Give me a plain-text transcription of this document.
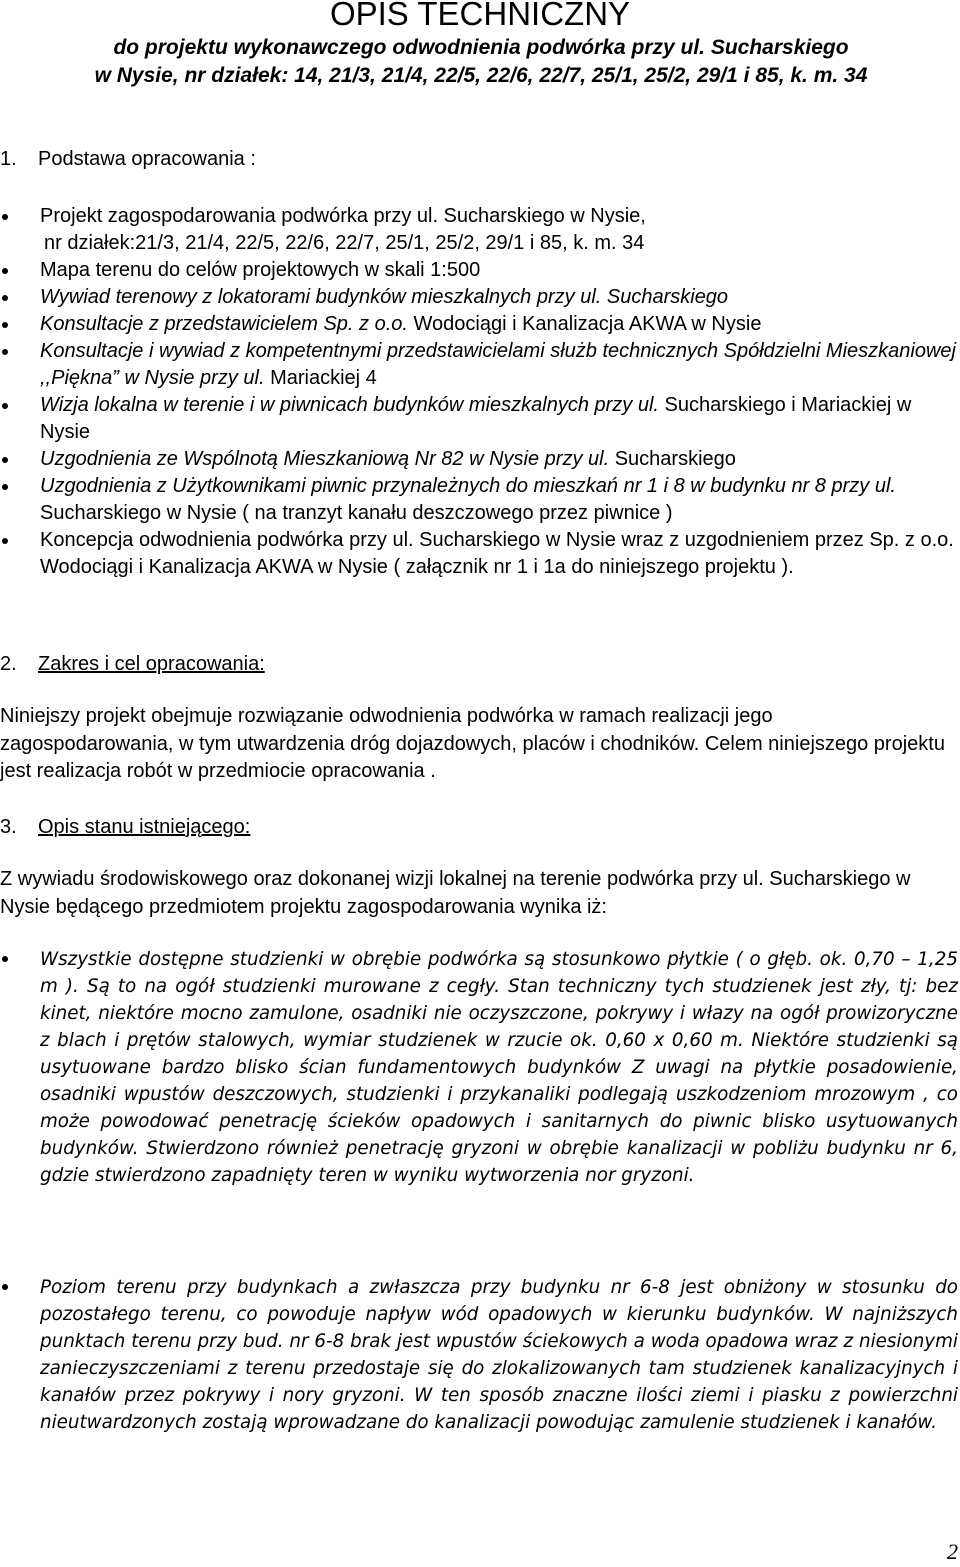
OPIS TECHNICZNY
do projektu wykonawczego odwodnienia podwórka przy ul. Sucharskiego
w Nysie, nr działek: 14, 21/3, 21/4, 22/5, 22/6, 22/7, 25/1, 25/2, 29/1 i 85, k. m. 34
1. Podstawa opracowania :
Projekt zagospodarowania podwórka przy ul. Sucharskiego w Nysie,
nr działek:21/3, 21/4, 22/5, 22/6, 22/7, 25/1, 25/2, 29/1 i 85, k. m. 34
Mapa terenu do celów projektowych w skali 1:500
Wywiad terenowy z lokatorami budynków mieszkalnych przy ul. Sucharskiego
Konsultacje z przedstawicielem Sp. z o.o. Wodociągi i Kanalizacja AKWA w Nysie
Konsultacje i wywiad z kompetentnymi przedstawicielami służb technicznych Spółdzielni Mieszkaniowej ,,Piękna” w Nysie przy ul. Mariackiej 4
Wizja lokalna w terenie i w piwnicach budynków mieszkalnych przy ul. Sucharskiego i Mariackiej w Nysie
Uzgodnienia ze Wspólnotą Mieszkaniową Nr 82 w Nysie przy ul. Sucharskiego
Uzgodnienia z Użytkownikami piwnic przynależnych do mieszkań nr 1 i 8 w budynku nr 8 przy ul. Sucharskiego w Nysie ( na tranzyt kanału deszczowego przez piwnice )
Koncepcja odwodnienia podwórka przy ul. Sucharskiego w Nysie wraz z uzgodnieniem przez Sp. z o.o. Wodociągi i Kanalizacja AKWA w Nysie ( załącznik nr 1 i 1a do niniejszego projektu ).
2. Zakres i cel opracowania:

Niniejszy projekt obejmuje rozwiązanie odwodnienia podwórka w ramach realizacji jego zagospodarowania, w tym utwardzenia dróg dojazdowych, placów i chodników. Celem niniejszego projektu jest realizacja robót w przedmiocie opracowania .

3. Opis stanu istniejącego:

Z wywiadu środowiskowego oraz dokonanej wizji lokalnej na terenie podwórka przy ul. Sucharskiego w Nysie będącego przedmiotem projektu zagospodarowania wynika iż:

Wszystkie dostępne studzienki w obrębie podwórka są stosunkowo płytkie ( o głęb. ok. 0,70 – 1,25 m ). Są to na ogół studzienki murowane z cegły. Stan techniczny tych studzienek jest zły, tj: bez kinet, niektóre mocno zamulone, osadniki nie oczyszczone, pokrywy i włazy na ogół prowizoryczne z blach i prętów stalowych, wymiar studzienek w rzucie ok. 0,60 x 0,60 m. Niektóre studzienki są usytuowane bardzo blisko ścian fundamentowych budynków Z uwagi na płytkie posadowienie, osadniki wpustów deszczowych, studzienki i przykanaliki podlegają uszkodzeniom mrozowym , co może powodować penetrację ścieków opadowych i sanitarnych do piwnic blisko usytuowanych budynków. Stwierdzono również penetrację gryzoni w obrębie kanalizacji w pobliżu budynku nr 6, gdzie stwierdzono zapadnięty teren w wyniku wytworzenia nor gryzoni.
Poziom terenu przy budynkach a zwłaszcza przy budynku nr 6-8 jest obniżony w stosunku do pozostałego terenu, co powoduje napływ wód opadowych w kierunku budynków. W najniższych punktach terenu przy bud. nr 6-8 brak jest wpustów ściekowych a woda opadowa wraz z niesionymi zanieczyszczeniami z terenu przedostaje się do zlokalizowanych tam studzienek kanalizacyjnych i kanałów przez pokrywy i nory gryzoni. W ten sposób znaczne ilości ziemi i piasku z powierzchni nieutwardzonych zostają wprowadzane do kanalizacji powodując zamulenie studzienek i kanałów.
2
